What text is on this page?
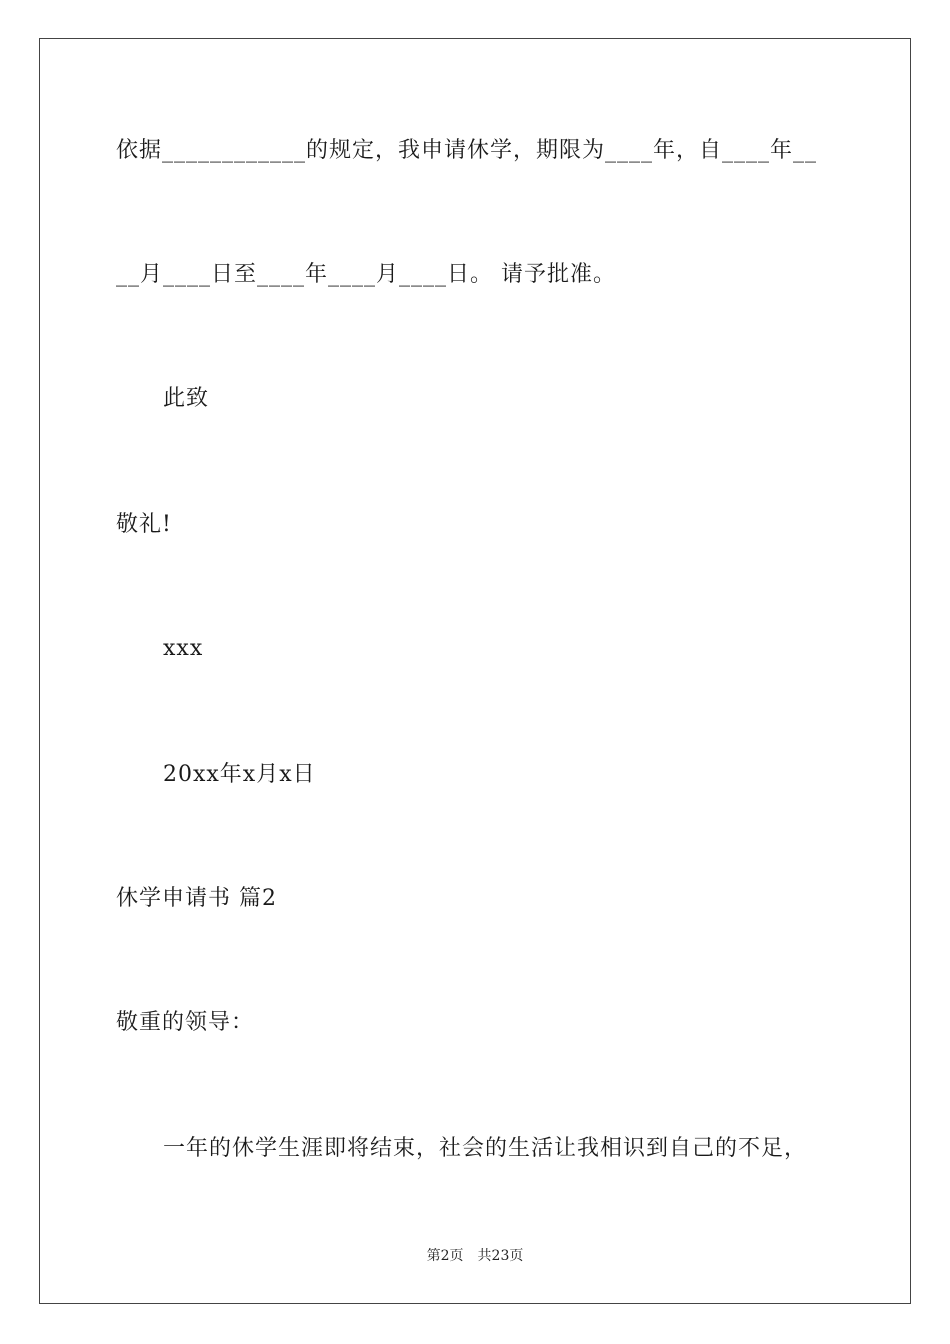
依据____________的规定，我申请休学，期限为____年，自____年__
__月____日至____年____月____日。 请予批准。
此致
敬礼!
xxx
20xx年x月x日
休学申请书 篇2
敬重的领导：
一年的休学生涯即将结束，社会的生活让我相识到自己的不足，
第2页　共23页
